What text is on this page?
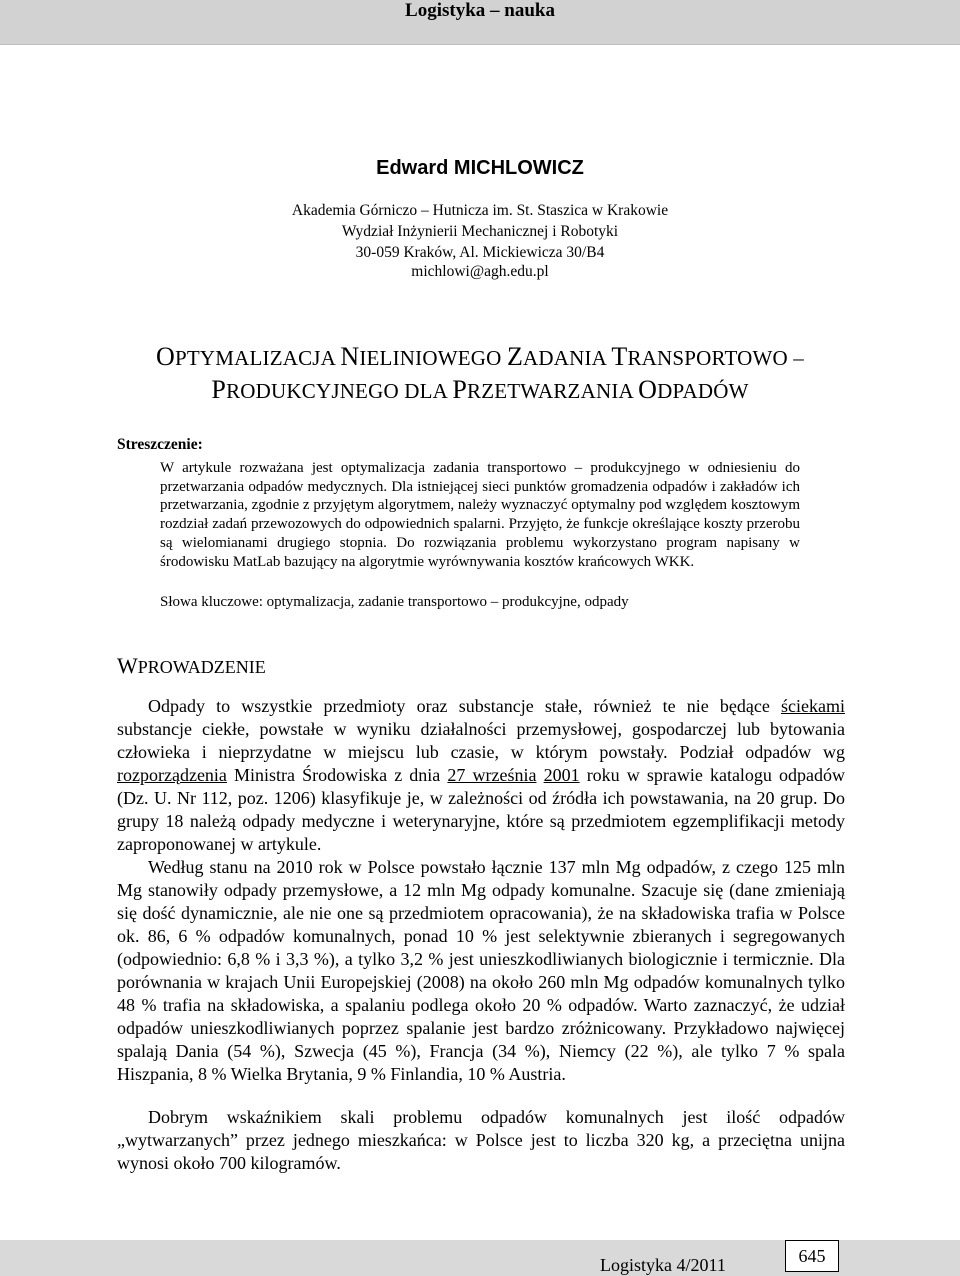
Logistyka – nauka
Edward MICHLOWICZ
Akademia Górniczo – Hutnicza im. St. Staszica w Krakowie
Wydział Inżynierii Mechanicznej i Robotyki
30-059 Kraków, Al. Mickiewicza 30/B4
michlowi@agh.edu.pl
OPTYMALIZACJA NIELINIOWEGO ZADANIA TRANSPORTOWO –
PRODUKCYJNEGO DLA PRZETWARZANIA ODPADÓW
Streszczenie:

W artykule rozważana jest optymalizacja zadania transportowo – produkcyjnego w odniesieniu do przetwarzania odpadów medycznych. Dla istniejącej sieci punktów gromadzenia odpadów i zakładów ich przetwarzania, zgodnie z przyjętym algorytmem, należy wyznaczyć optymalny pod względem kosztowym rozdział zadań przewozowych do odpowiednich spalarni. Przyjęto, że funkcje określające koszty przerobu są wielomianami drugiego stopnia. Do rozwiązania problemu wykorzystano program napisany w środowisku MatLab bazujący na algorytmie wyrównywania kosztów krańcowych WKK.

Słowa kluczowe: optymalizacja, zadanie transportowo – produkcyjne, odpady

WPROWADZENIE

Odpady to wszystkie przedmioty oraz substancje stałe, również te nie będące ściekami substancje ciekłe, powstałe w wyniku działalności przemysłowej, gospodarczej lub bytowania człowieka i nieprzydatne w miejscu lub czasie, w którym powstały. Podział odpadów wg rozporządzenia Ministra Środowiska z dnia 27 września 2001 roku w sprawie katalogu odpadów (Dz. U. Nr 112, poz. 1206) klasyfikuje je, w zależności od źródła ich powstawania, na 20 grup. Do grupy 18 należą odpady medyczne i weterynaryjne, które są przedmiotem egzemplifikacji metody zaproponowanej w artykule.

Według stanu na 2010 rok w Polsce powstało łącznie 137 mln Mg odpadów, z czego 125 mln Mg stanowiły odpady przemysłowe, a 12 mln Mg odpady komunalne. Szacuje się (dane zmieniają się dość dynamicznie, ale nie one są przedmiotem opracowania), że na składowiska trafia w Polsce ok. 86, 6 % odpadów komunalnych, ponad 10 % jest selektywnie zbieranych i segregowanych (odpowiednio: 6,8 % i 3,3 %), a tylko 3,2 % jest unieszkodliwianych biologicznie i termicznie. Dla porównania w krajach Unii Europejskiej (2008) na około 260 mln Mg odpadów komunalnych tylko 48 % trafia na składowiska, a spalaniu podlega około 20 % odpadów. Warto zaznaczyć, że udział odpadów unieszkodliwianych poprzez spalanie jest bardzo zróżnicowany. Przykładowo najwięcej spalają Dania (54 %), Szwecja (45 %), Francja (34 %), Niemcy (22 %), ale tylko 7 % spala Hiszpania, 8 % Wielka Brytania, 9 % Finlandia, 10 % Austria.

Dobrym wskaźnikiem skali problemu odpadów komunalnych jest ilość odpadów „wytwarzanych” przez jednego mieszkańca: w Polsce jest to liczba 320 kg, a przeciętna unijna wynosi około 700 kilogramów.

Logistyka 4/2011	645
